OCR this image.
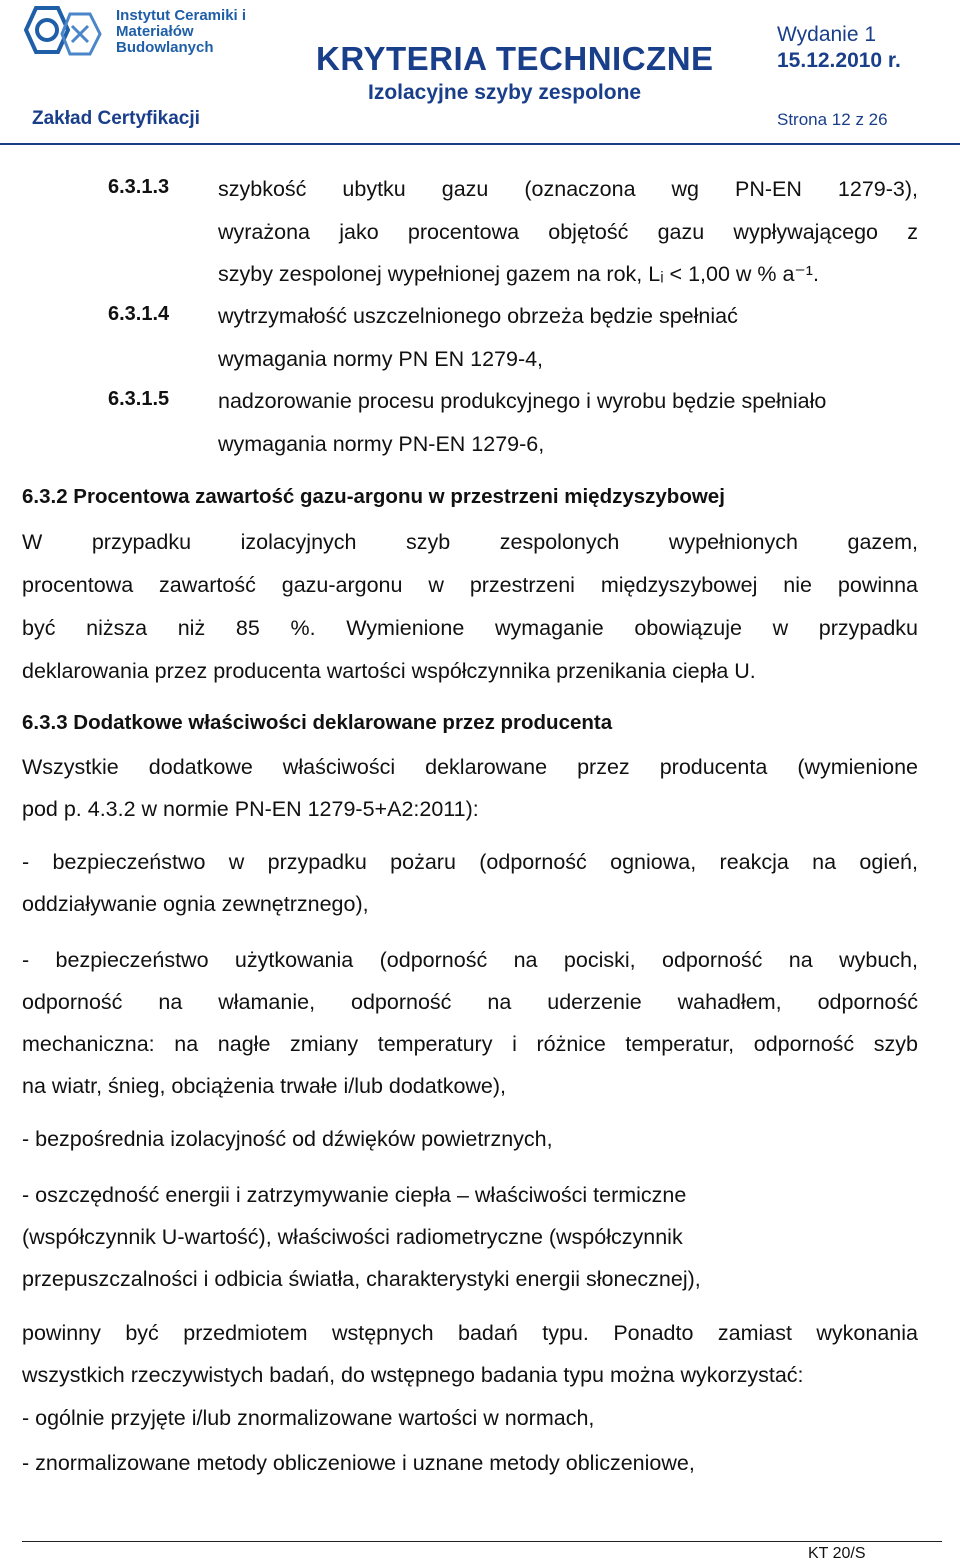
Instytut Ceramiki i Materiałów Budowlanych	KRYTERIA TECHNICZNE
Izolacyjne szyby zespolone
Wydanie 1
15.12.2010 r.
Zakład Certyfikacji	Strona 12 z 26
6.3.1.3 szybkość ubytku gazu (oznaczona wg PN-EN 1279-3),
wyrażona jako procentowa objętość gazu wypływającego z
szyby zespolonej wypełnionej gazem na rok, Lᵢ < 1,00 w % a⁻¹.
6.3.1.4 wytrzymałość uszczelnionego obrzeża będzie spełniać
wymagania normy PN EN 1279-4,
6.3.1.5 nadzorowanie procesu produkcyjnego i wyrobu będzie spełniało
wymagania normy PN-EN 1279-6,
6.3.2 Procentowa zawartość gazu-argonu w przestrzeni międzyszybowej
W przypadku izolacyjnych szyb zespolonych wypełnionych gazem,
procentowa zawartość gazu-argonu w przestrzeni międzyszybowej nie powinna
być niższa niż 85 %. Wymienione wymaganie obowiązuje w przypadku
deklarowania przez producenta wartości współczynnika przenikania ciepła U.
6.3.3 Dodatkowe właściwości deklarowane przez producenta
Wszystkie dodatkowe właściwości deklarowane przez producenta (wymienione
pod p. 4.3.2 w normie PN-EN 1279-5+A2:2011):
- bezpieczeństwo w przypadku pożaru (odporność ogniowa, reakcja na ogień,
oddziaływanie ognia zewnętrznego),
- bezpieczeństwo użytkowania (odporność na pociski, odporność na wybuch,
odporność na włamanie, odporność na uderzenie wahadłem, odporność
mechaniczna: na nagłe zmiany temperatury i różnice temperatur, odporność szyb
na wiatr, śnieg, obciążenia trwałe i/lub dodatkowe),
- bezpośrednia izolacyjność od dźwięków powietrznych,
- oszczędność energii i zatrzymywanie ciepła – właściwości termiczne
(współczynnik U-wartość), właściwości radiometryczne (współczynnik
przepuszczalności i odbicia światła, charakterystyki energii słonecznej),
powinny być przedmiotem wstępnych badań typu. Ponadto zamiast wykonania
wszystkich rzeczywistych badań, do wstępnego badania typu można wykorzystać:
- ogólnie przyjęte i/lub znormalizowane wartości w normach,
- znormalizowane metody obliczeniowe i uznane metody obliczeniowe,
KT 20/S
